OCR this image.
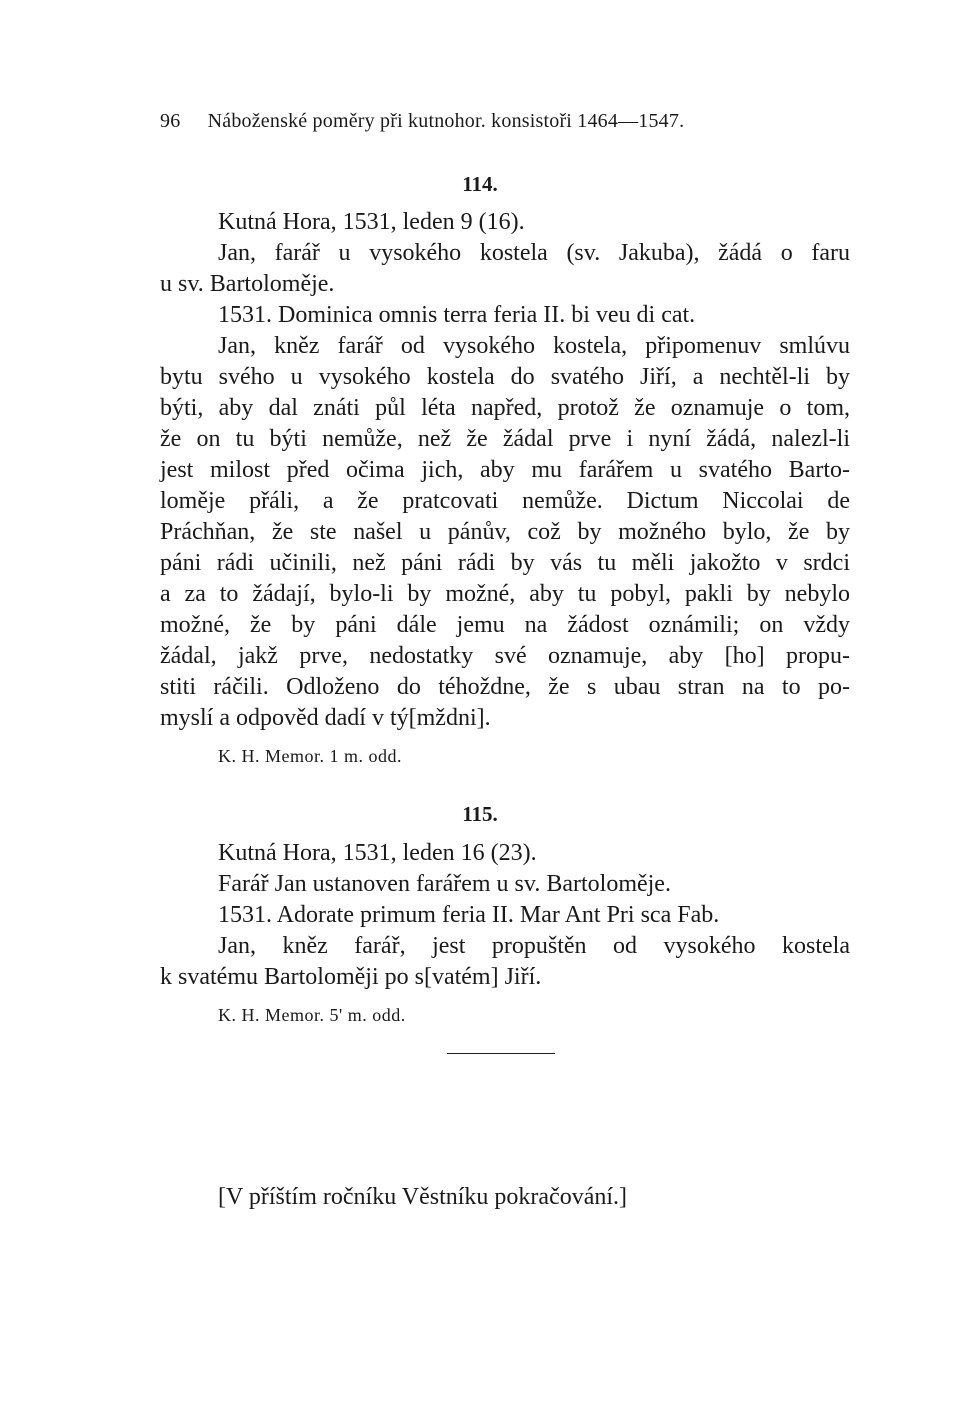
96 Náboženské poměry při kutnohor. konsistoři 1464—1547.
114.
Kutná Hora, 1531, leden 9 (16).
Jan, farář u vysokého kostela (sv. Jakuba), žádá o faru
u sv. Bartoloměje.
1531. Dominica omnis terra feria II. bi veu di cat.
Jan, kněz farář od vysokého kostela, připomenuv smlúvu
bytu svého u vysokého kostela do svatého Jiří, a nechtěl-li by
býti, aby dal znáti půl léta napřed, protož že oznamuje o tom,
že on tu býti nemůže, než že žádal prve i nyní žádá, nalezl-li
jest milost před očima jich, aby mu farářem u svatého Barto-
loměje přáli, a že pratcovati nemůže. Dictum Niccolai de
Práchňan, že ste našel u pánův, což by možného bylo, že by
páni rádi učinili, než páni rádi by vás tu měli jakožto v srdci
a za to žádají, bylo-li by možné, aby tu pobyl, pakli by nebylo
možné, že by páni dále jemu na žádost oznámili; on vždy
žádal, jakž prve, nedostatky své oznamuje, aby [ho] propu-
stiti ráčili. Odloženo do téhoždne, že s ubau stran na to po-
myslí a odpověd dadí v tý[mždni].
K. H. Memor. 1 m. odd.
115.
Kutná Hora, 1531, leden 16 (23).
Farář Jan ustanoven farářem u sv. Bartoloměje.
1531. Adorate primum feria II. Mar Ant Pri sca Fab.
Jan, kněz farář, jest propuštěn od vysokého kostela
k svatému Bartoloměji po s[vatém] Jiří.
K. H. Memor. 5' m. odd.
[V příštím ročníku Věstníku pokračování.]
